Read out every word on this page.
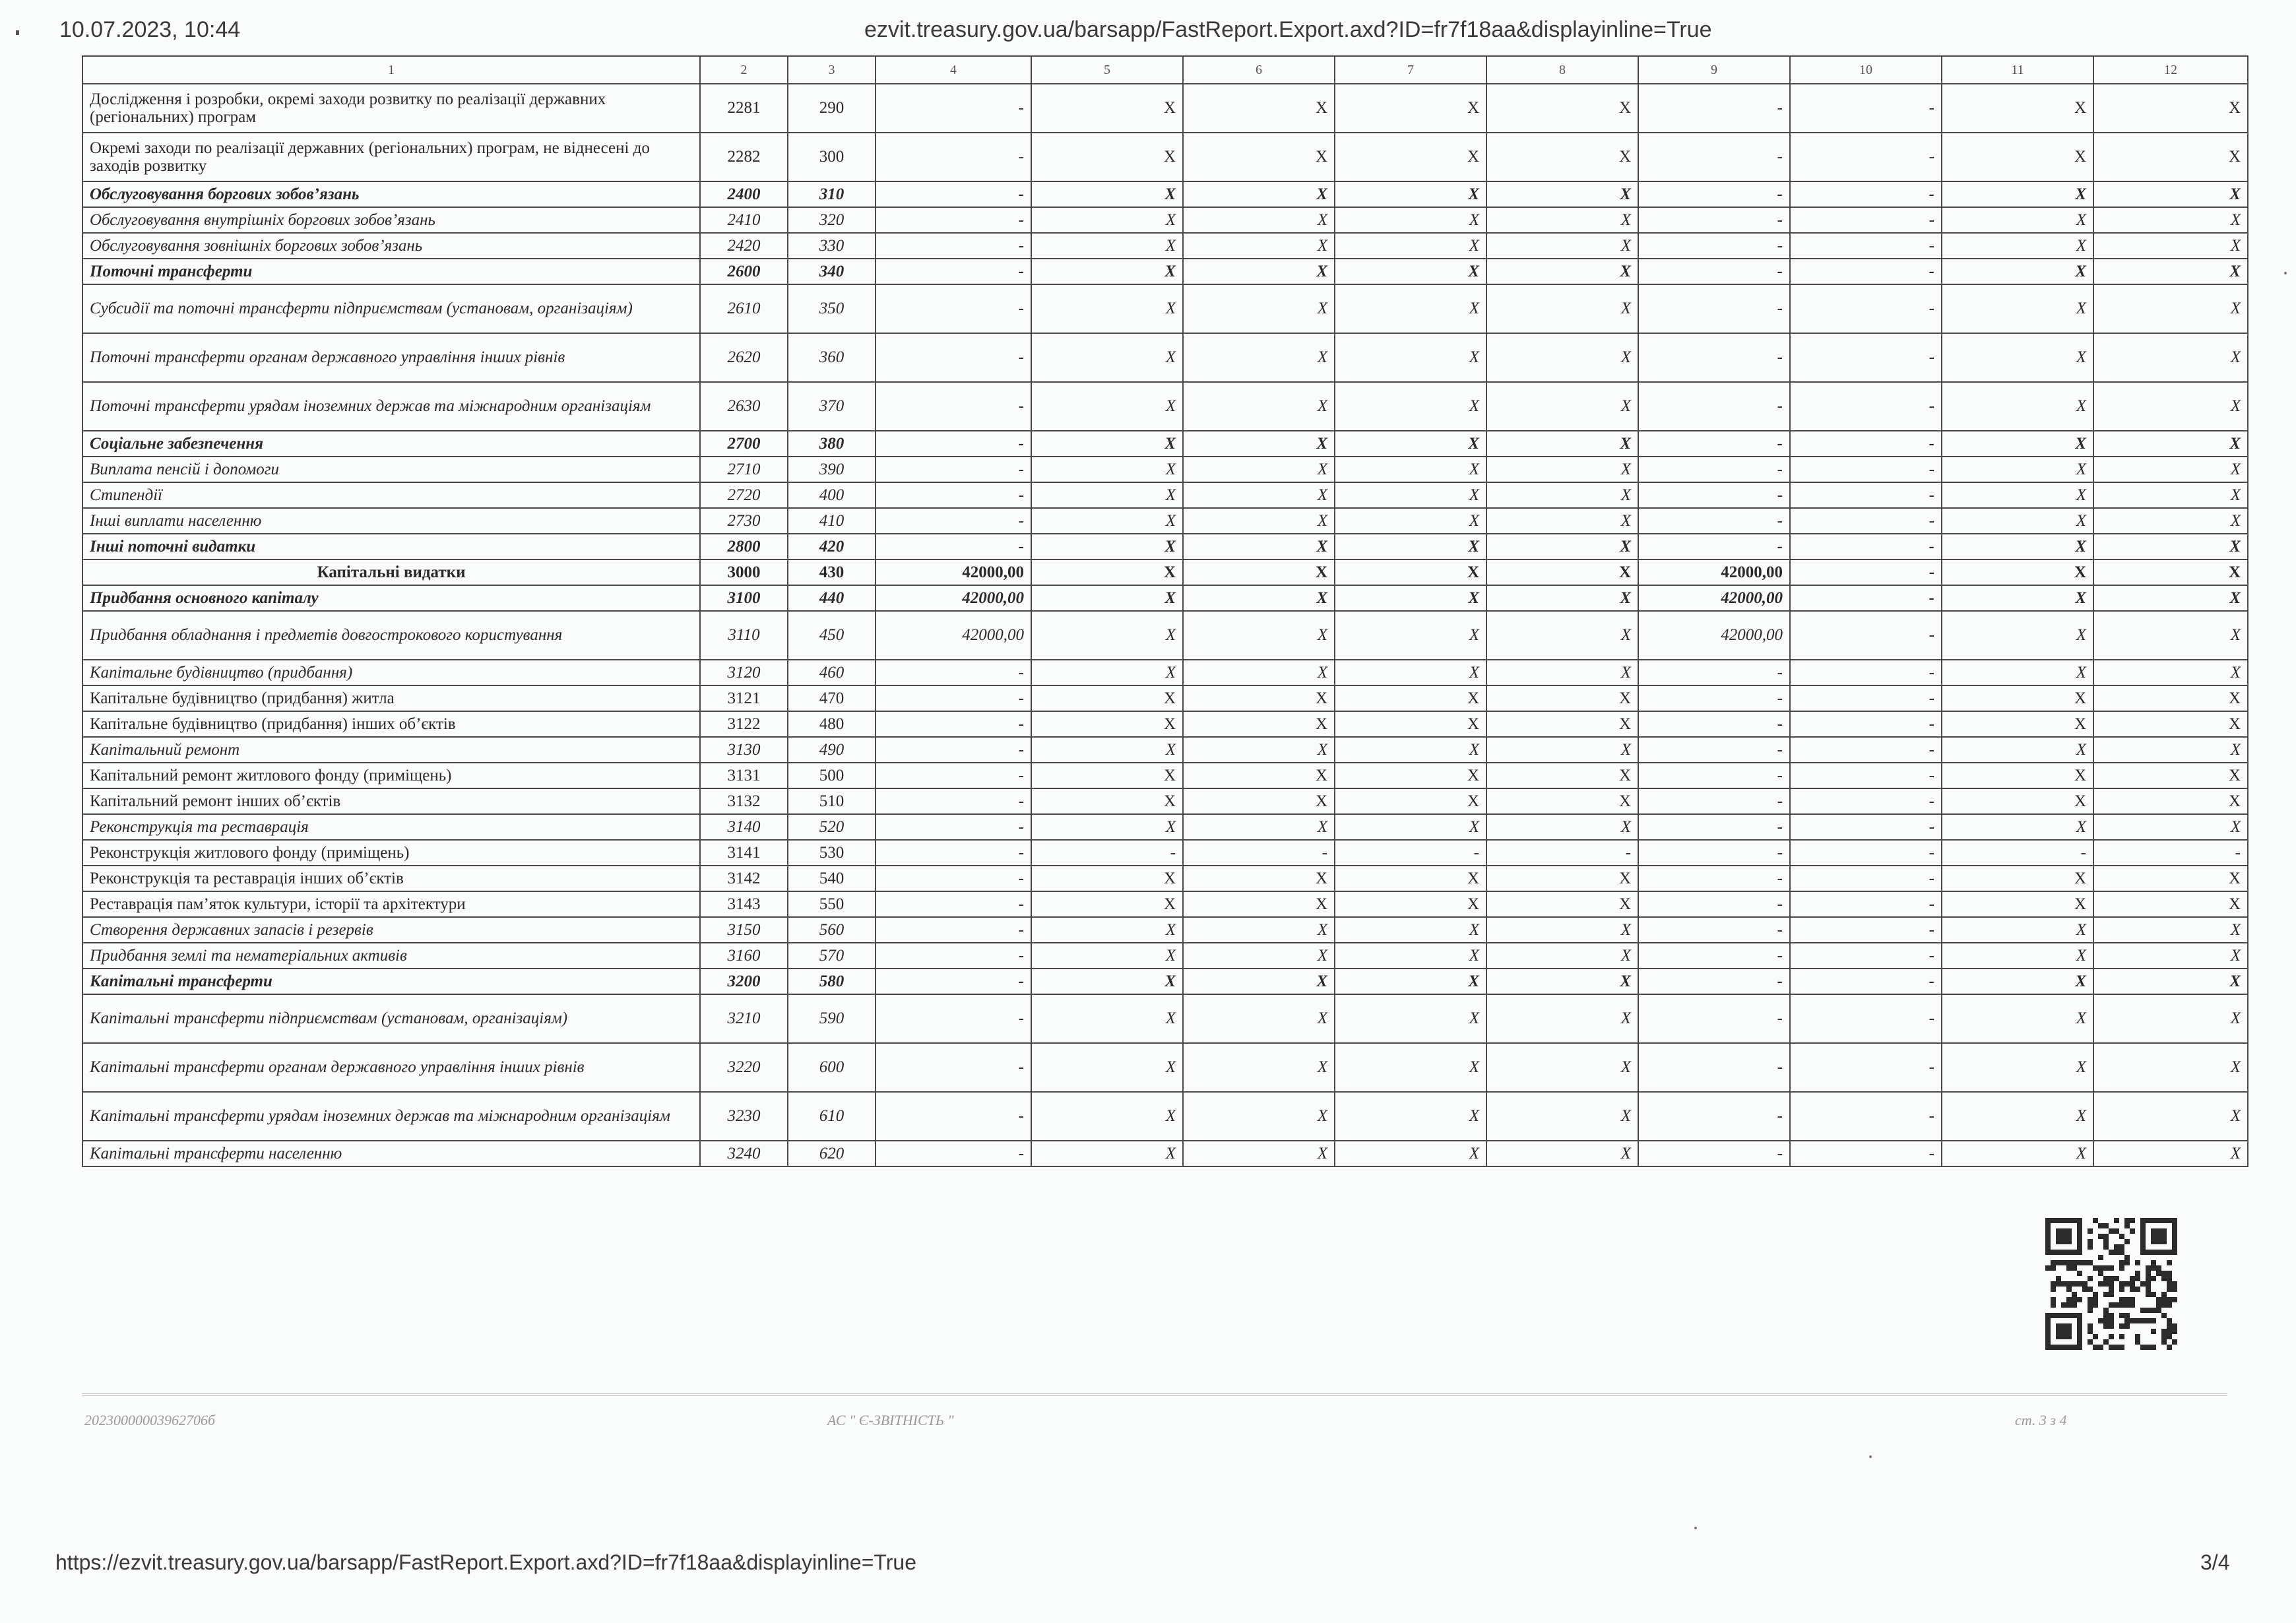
10.07.2023, 10:44	ezvit.treasury.gov.ua/barsapp/FastReport.Export.axd?ID=fr7f18aa&displayinline=True
1	2	3	4	5	6	7	8	9	10	11	12
Дослідження і розробки, окремі заходи розвитку по реалізації державних (регіональних) програм	2281	290	-	X	X	X	X	-	-	X	X
Окремі заходи по реалізації державних (регіональних) програм, не віднесені до заходів розвитку	2282	300	-	X	X	X	X	-	-	X	X
Обслуговування боргових зобов’язань	2400	310	-	X	X	X	X	-	-	X	X
Обслуговування внутрішніх боргових зобов’язань	2410	320	-	X	X	X	X	-	-	X	X
Обслуговування зовнішніх боргових зобов’язань	2420	330	-	X	X	X	X	-	-	X	X
Поточні трансферти	2600	340	-	X	X	X	X	-	-	X	X
Субсидії та поточні трансферти підприємствам (установам, організаціям)	2610	350	-	X	X	X	X	-	-	X	X
Поточні трансферти органам державного управління інших рівнів	2620	360	-	X	X	X	X	-	-	X	X
Поточні трансферти урядам іноземних держав та міжнародним організаціям	2630	370	-	X	X	X	X	-	-	X	X
Соціальне забезпечення	2700	380	-	X	X	X	X	-	-	X	X
Виплата пенсій і допомоги	2710	390	-	X	X	X	X	-	-	X	X
Стипендії	2720	400	-	X	X	X	X	-	-	X	X
Інші виплати населенню	2730	410	-	X	X	X	X	-	-	X	X
Інші поточні видатки	2800	420	-	X	X	X	X	-	-	X	X
Капітальні видатки	3000	430	42000,00	X	X	X	X	42000,00	-	X	X
Придбання основного капіталу	3100	440	42000,00	X	X	X	X	42000,00	-	X	X
Придбання обладнання і предметів довгострокового користування	3110	450	42000,00	X	X	X	X	42000,00	-	X	X
Капітальне будівництво (придбання)	3120	460	-	X	X	X	X	-	-	X	X
Капітальне будівництво (придбання) житла	3121	470	-	X	X	X	X	-	-	X	X
Капітальне будівництво (придбання) інших об’єктів	3122	480	-	X	X	X	X	-	-	X	X
Капітальний ремонт	3130	490	-	X	X	X	X	-	-	X	X
Капітальний ремонт житлового фонду (приміщень)	3131	500	-	X	X	X	X	-	-	X	X
Капітальний ремонт інших об’єктів	3132	510	-	X	X	X	X	-	-	X	X
Реконструкція та реставрація	3140	520	-	X	X	X	X	-	-	X	X
Реконструкція житлового фонду (приміщень)	3141	530	-	-	-	-	-	-	-	-	-
Реконструкція та реставрація інших об’єктів	3142	540	-	X	X	X	X	-	-	X	X
Реставрація пам’яток культури, історії та архітектури	3143	550	-	X	X	X	X	-	-	X	X
Створення державних запасів і резервів	3150	560	-	X	X	X	X	-	-	X	X
Придбання землі та нематеріальних активів	3160	570	-	X	X	X	X	-	-	X	X
Капітальні трансферти	3200	580	-	X	X	X	X	-	-	X	X
Капітальні трансферти підприємствам (установам, організаціям)	3210	590	-	X	X	X	X	-	-	X	X
Капітальні трансферти органам державного управління інших рівнів	3220	600	-	X	X	X	X	-	-	X	X
Капітальні трансферти урядам іноземних держав та міжнародним організаціям	3230	610	-	X	X	X	X	-	-	X	X
Капітальні трансферти населенню	3240	620	-	X	X	X	X	-	-	X	X
20230000003962706б	АС " Є-ЗВІТНІСТЬ "	ст. 3 з 4
https://ezvit.treasury.gov.ua/barsapp/FastReport.Export.axd?ID=fr7f18aa&displayinline=True	3/4
